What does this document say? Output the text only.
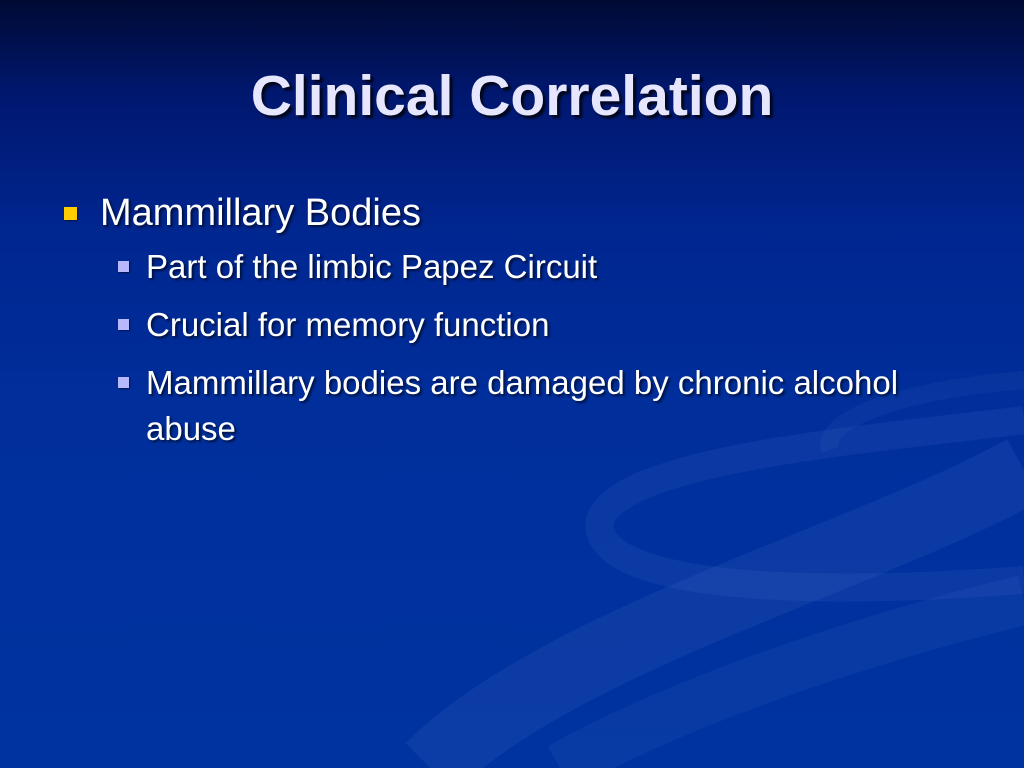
Clinical Correlation
Mammillary Bodies
Part of the limbic Papez Circuit
Crucial for memory function
Mammillary bodies are damaged by chronic alcohol abuse
